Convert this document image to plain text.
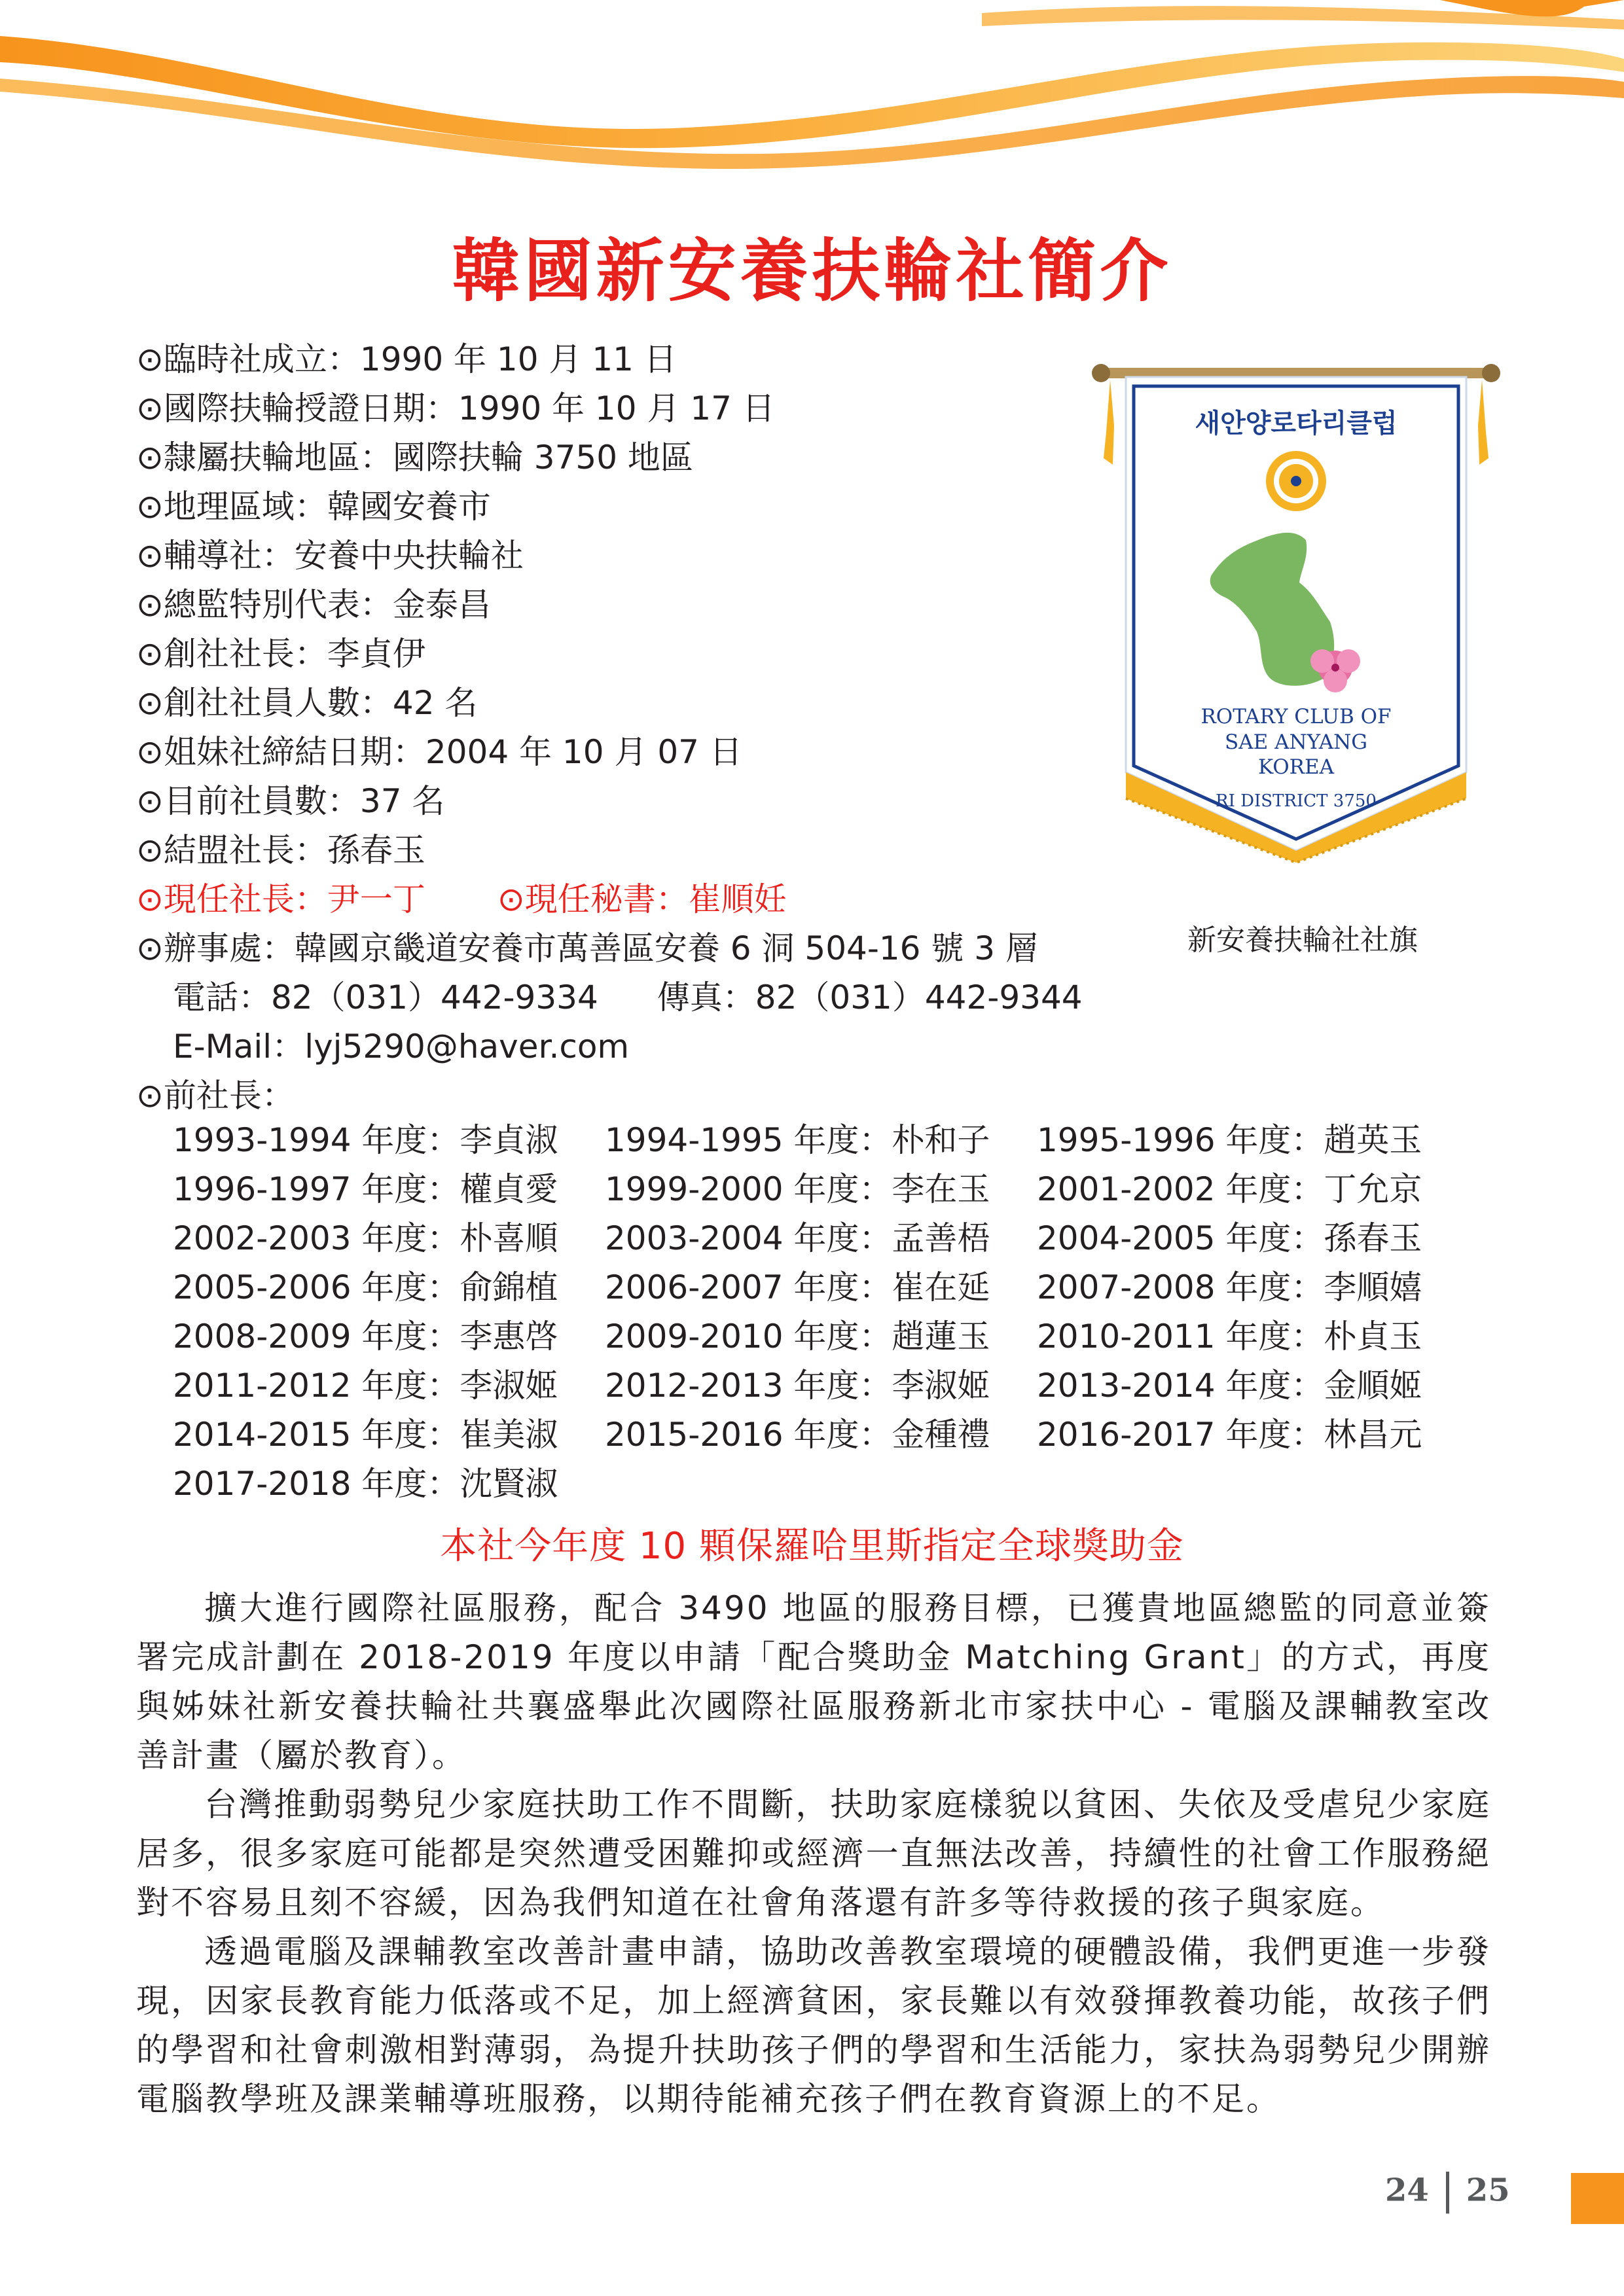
韓國新安養扶輪社簡介
⊙臨時社成立：1990 年 10 月 11 日
⊙國際扶輪授證日期：1990 年 10 月 17 日
⊙隸屬扶輪地區：國際扶輪 3750 地區
⊙地理區域：韓國安養市
⊙輔導社：安養中央扶輪社
⊙總監特別代表：金泰昌
⊙創社社長：李貞伊
⊙創社社員人數：42 名
⊙姐妹社締結日期：2004 年 10 月 07 日
⊙目前社員數：37 名
⊙結盟社長：孫春玉
⊙現任社長：尹一丁 ⊙現任秘書：崔順妊
⊙辦事處：韓國京畿道安養市萬善區安養 6 洞 504-16 號 3 層
電話：82（031）442-9334 傳真：82（031）442-9344
E-Mail：lyj5290@haver.com
⊙前社長：
1993-1994 年度：李貞淑 1994-1995 年度：朴和子 1995-1996 年度：趙英玉
1996-1997 年度：權貞愛 1999-2000 年度：李在玉 2001-2002 年度：丁允京
2002-2003 年度：朴喜順 2003-2004 年度：孟善梧 2004-2005 年度：孫春玉
2005-2006 年度：俞錦植 2006-2007 年度：崔在延 2007-2008 年度：李順嬉
2008-2009 年度：李惠啓 2009-2010 年度：趙蓮玉 2010-2011 年度：朴貞玉
2011-2012 年度：李淑姬 2012-2013 年度：李淑姬 2013-2014 年度：金順姬
2014-2015 年度：崔美淑 2015-2016 年度：金種禮 2016-2017 年度：林昌元
2017-2018 年度：沈賢淑
새안양로타리클럽
ROTARY CLUB OF
SAE ANYANG
KOREA
RI DISTRICT 3750
新安養扶輪社社旗
本社今年度 10 顆保羅哈里斯指定全球獎助金

擴大進行國際社區服務，配合 3490 地區的服務目標，已獲貴地區總監的同意並簽署完成計劃在 2018-2019 年度以申請「配合獎助金 Matching Grant」的方式，再度與姊妹社新安養扶輪社共襄盛舉此次國際社區服務新北市家扶中心 - 電腦及課輔教室改善計畫（屬於教育）。

台灣推動弱勢兒少家庭扶助工作不間斷，扶助家庭樣貌以貧困、失依及受虐兒少家庭居多，很多家庭可能都是突然遭受困難抑或經濟一直無法改善，持續性的社會工作服務絕對不容易且刻不容緩，因為我們知道在社會角落還有許多等待救援的孩子與家庭。

透過電腦及課輔教室改善計畫申請，協助改善教室環境的硬體設備，我們更進一步發現，因家長教育能力低落或不足，加上經濟貧困，家長難以有效發揮教養功能，故孩子們的學習和社會刺激相對薄弱，為提升扶助孩子們的學習和生活能力，家扶為弱勢兒少開辦電腦教學班及課業輔導班服務，以期待能補充孩子們在教育資源上的不足。

24 25
